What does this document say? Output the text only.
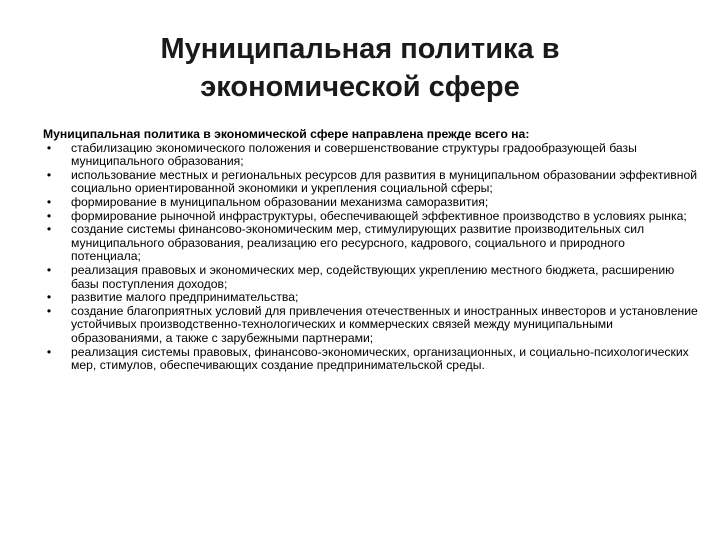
Муниципальная политика в
экономической сфере

Муниципальная политика в экономической сфере направлена прежде всего на:

•	стабилизацию экономического положения и совершенствование структуры градообразующей базы муниципального образования;
•	использование местных и региональных ресурсов для развития в муниципальном образовании эффективной социально ориентированной экономики и укрепления социальной сферы;
•	формирование в муниципальном образовании механизма саморазвития;
•	формирование рыночной инфраструктуры, обеспечивающей эффективное производство в условиях рынка;
•	создание системы финансово-экономическим мер, стимулирующих развитие производительных сил муниципального образования, реализацию его ресурсного, кадрового, социального и природного потенциала;
•	реализация правовых и экономических мер, содействующих укреплению местного бюджета, расширению базы поступления доходов;
•	развитие малого предпринимательства;
•	создание благоприятных условий для привлечения отечественных и иностранных инвесторов и установление устойчивых производственно-технологических и коммерческих связей между муниципальными образованиями, а также с зарубежными партнерами;
•	реализация системы правовых, финансово-экономических, организационных, и социально-психологических мер, стимулов, обеспечивающих создание предпринимательской среды.
